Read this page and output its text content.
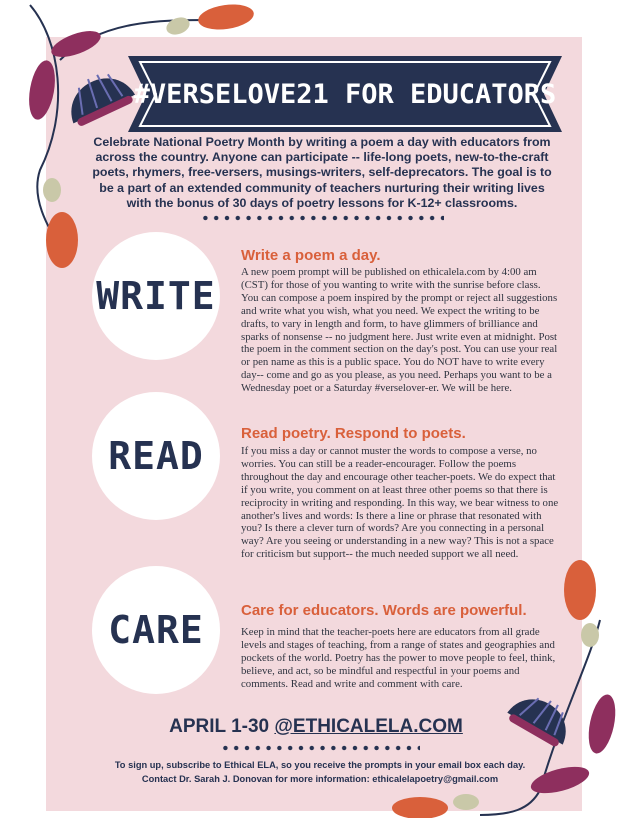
#VERSELOVE21 FOR EDUCATORS
Celebrate National Poetry Month by writing a poem a day with educators from across the country. Anyone can participate -- life-long poets, new-to-the-craft poets, rhymers, free-versers, musings-writers, self-deprecators. The goal is to be a part of an extended community of teachers nurturing their writing lives with the bonus of 30 days of poetry lessons for K-12+ classrooms.
WRITE
Write a poem a day.
A new poem prompt will be published on ethicalela.com by 4:00 am (CST) for those of you wanting to write with the sunrise before class. You can compose a poem inspired by the prompt or reject all suggestions and write what you wish, what you need. We expect the writing to be drafts, to vary in length and form, to have glimmers of brilliance and sparks of nonsense -- no judgment here. Just write even at midnight. Post the poem in the comment section on the day's post. You can use your real or pen name as this is a public space. You do NOT have to write every day-- come and go as you please, as you need. Perhaps you want to be a Wednesday poet or a Saturday #verselover-er. We will be here.
READ
Read poetry. Respond to poets.
If you miss a day or cannot muster the words to compose a verse, no worries. You can still be a reader-encourager. Follow the poems throughout the day and encourage other teacher-poets. We do expect that if you write, you comment on at least three other poems so that there is reciprocity in writing and responding. In this way, we bear witness to one another's lives and words: Is there a line or phrase that resonated with you? Is there a clever turn of words? Are you connecting in a personal way? Are you seeing or understanding in a new way? This is not a space for criticism but support-- the much needed support we all need.
CARE	Care for educators. Words are powerful.
Keep in mind that the teacher-poets here are educators from all grade levels and stages of teaching, from a range of states and geographies and pockets of the world. Poetry has the power to move people to feel, think, believe, and act, so be mindful and respectful in your poems and comments. Read and write and comment with care.
APRIL 1-30 @ETHICALELA.COM
To sign up, subscribe to Ethical ELA, so you receive the prompts in your email box each day.
Contact Dr. Sarah J. Donovan for more information: ethicalelapoetry@gmail.com
